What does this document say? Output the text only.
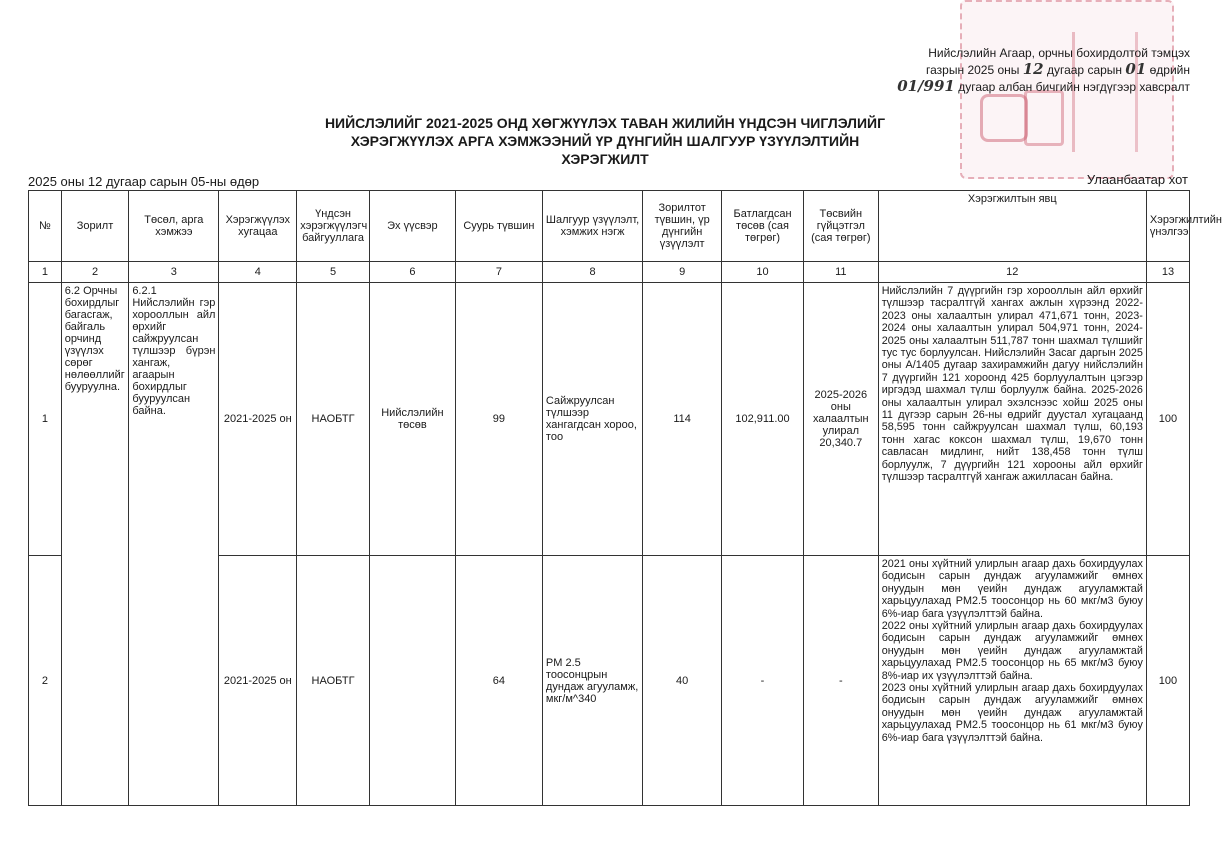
Нийслэлийн Агаар, орчны бохирдолтой тэмцэх
газрын 2025 оны 12 дугаар сарын 01 өдрийн
01/991 дугаар албан бичгийн нэгдүгээр хавсралт
НИЙСЛЭЛИЙГ 2021-2025 ОНД ХӨГЖҮҮЛЭХ ТАВАН ЖИЛИЙН ҮНДСЭН ЧИГЛЭЛИЙГ
ХЭРЭГЖҮҮЛЭХ АРГА ХЭМЖЭЭНИЙ ҮР ДҮНГИЙН ШАЛГУУР ҮЗҮҮЛЭЛТИЙН
ХЭРЭГЖИЛТ
2025 оны 12 дугаар сарын 05-ны өдөр	Улаанбаатар хот
№	Зорилт	Төсөл, арга хэмжээ	Хэрэгжүүлэх хугацаа	Үндсэн хэрэгжүүлэгч байгууллага	Эх үүсвэр	Суурь түвшин	Шалгуур үзүүлэлт, хэмжих нэгж	Зорилтот түвшин, үр дүнгийн үзүүлэлт	Батлагдсан төсөв (сая төгрөг)	Төсвийн гүйцэтгэл (сая төгрөг)	Хэрэгжилтын явц	Хэрэгжилтийн үнэлгээ
1	2	3	4	5	6	7	8	9	10	11	12	13
1	6.2 Орчны бохирдлыг багасгаж, байгаль орчинд үзүүлэх сөрөг нөлөөллийг бууруулна.	6.2.1 Нийслэлийн гэр хорооллын айл өрхийг сайжруулсан түлшээр бүрэн хангаж, агаарын бохирдлыг бууруулсан байна.	2021-2025 он	НАОБТГ	Нийслэлийн төсөв	99	Сайжруулсан түлшээр хангагдсан хороо, тоо	114	102,911.00	2025-2026 оны халаалтын улирал 20,340.7	Нийслэлийн 7 дүүргийн гэр хорооллын айл өрхийг түлшээр тасралтгүй хангах ажлын хүрээнд 2022-2023 оны халаалтын улирал 471,671 тонн, 2023-2024 оны халаалтын улирал 504,971 тонн, 2024-2025 оны халаалтын 511,787 тонн шахмал түлшийг тус тус борлуулсан. Нийслэлийн Засаг даргын 2025 оны А/1405 дугаар захирамжийн дагуу нийслэлийн 7 дүүргийн 121 хороонд 425 борлуулалтын цэгээр иргэдэд шахмал түлш борлуулж байна. 2025-2026 оны халаалтын улирал эхэлснээс хойш 2025 оны 11 дүгээр сарын 26-ны өдрийг дуустал хугацаанд 58,595 тонн сайжруулсан шахмал түлш, 60,193 тонн хагас коксон шахмал түлш, 19,670 тонн савласан мидлинг, нийт 138,458 тонн түлш борлуулж, 7 дүүргийн 121 хорооны айл өрхийг түлшээр тасралтгүй хангаж ажилласан байна.	100
2			2021-2025 он	НАОБТГ		64	PM 2.5 тоосонцрын дундаж агууламж, мкг/м^340	40	-	-	2021 оны хүйтний улирлын агаар дахь бохирдуулах бодисын сарын дундаж агууламжийг өмнөх онуудын мөн үеийн дундаж агууламжтай харьцуулахад PM2.5 тоосонцор нь 60 мкг/м3 буюу 6%-иар бага үзүүлэлттэй байна.
2022 оны хүйтний улирлын агаар дахь бохирдуулах бодисын сарын дундаж агууламжийг өмнөх онуудын мөн үеийн дундаж агууламжтай харьцуулахад PM2.5 тоосонцор нь 65 мкг/м3 буюу 8%-иар их үзүүлэлттэй байна.
2023 оны хүйтний улирлын агаар дахь бохирдуулах бодисын сарын дундаж агууламжийг өмнөх онуудын мөн үеийн дундаж агууламжтай харьцуулахад PM2.5 тоосонцор нь 61 мкг/м3 буюу 6%-иар бага үзүүлэлттэй байна.	100
